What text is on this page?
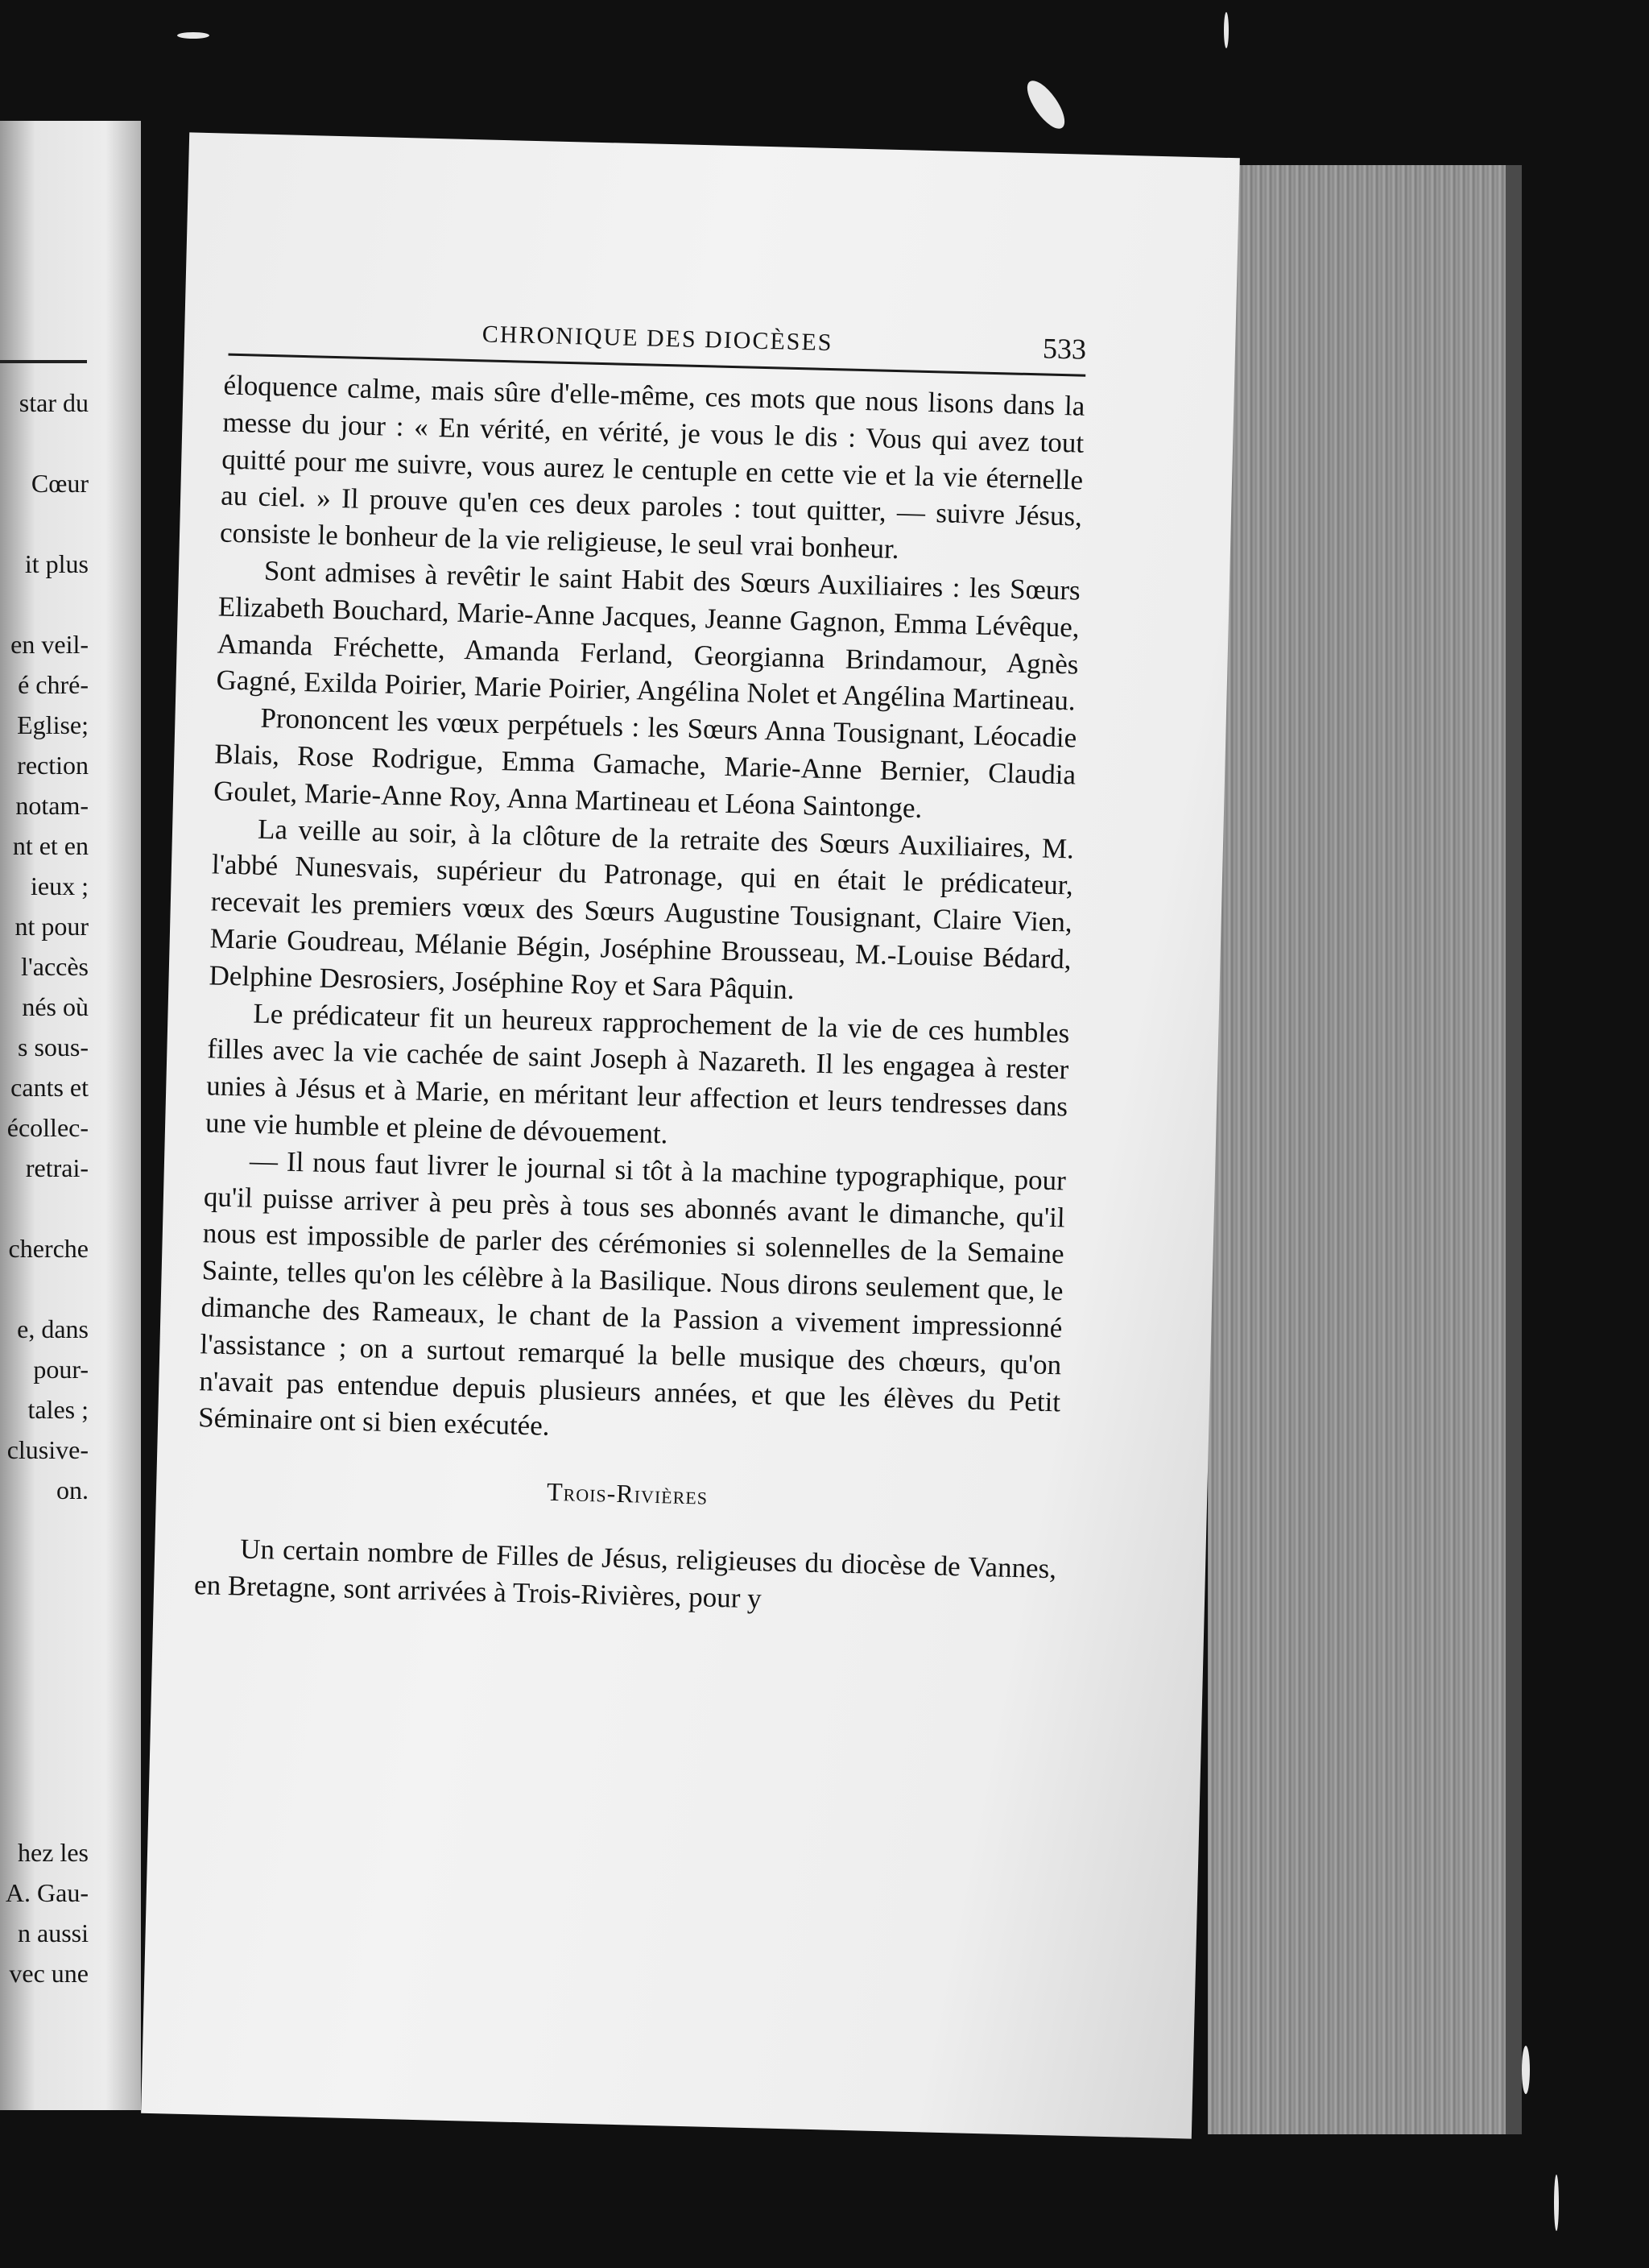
star du
Cœur
it plus
en veil-
é chré-
Eglise;
rection
notam-
nt et en
ieux ;
nt pour
l'accès
nés où
s sous-
cants et
écollec-
retrai-
cherche
e, dans
pour-
tales ;
clusive-
on.
hez les
A. Gau-
n aussi
vec une
CHRONIQUE DES DIOCÈSES	533

éloquence calme, mais sûre d'elle-même, ces mots que nous lisons dans la messe du jour : « En vérité, en vérité, je vous le dis : Vous qui avez tout quitté pour me suivre, vous aurez le centuple en cette vie et la vie éternelle au ciel. » Il prouve qu'en ces deux paroles : tout quitter, — suivre Jésus, consiste le bonheur de la vie religieuse, le seul vrai bonheur.

Sont admises à revêtir le saint Habit des Sœurs Auxiliaires : les Sœurs Elizabeth Bouchard, Marie-Anne Jacques, Jeanne Gagnon, Emma Lévêque, Amanda Fréchette, Amanda Ferland, Georgianna Brindamour, Agnès Gagné, Exilda Poirier, Marie Poirier, Angélina Nolet et Angélina Martineau.

Prononcent les vœux perpétuels : les Sœurs Anna Tousignant, Léocadie Blais, Rose Rodrigue, Emma Gamache, Marie-Anne Bernier, Claudia Goulet, Marie-Anne Roy, Anna Martineau et Léona Saintonge.

La veille au soir, à la clôture de la retraite des Sœurs Auxiliaires, M. l'abbé Nunesvais, supérieur du Patronage, qui en était le prédicateur, recevait les premiers vœux des Sœurs Augustine Tousignant, Claire Vien, Marie Goudreau, Mélanie Bégin, Joséphine Brousseau, M.-Louise Bédard, Delphine Desrosiers, Joséphine Roy et Sara Pâquin.

Le prédicateur fit un heureux rapprochement de la vie de ces humbles filles avec la vie cachée de saint Joseph à Nazareth. Il les engagea à rester unies à Jésus et à Marie, en méritant leur affection et leurs tendresses dans une vie humble et pleine de dévouement.

— Il nous faut livrer le journal si tôt à la machine typographique, pour qu'il puisse arriver à peu près à tous ses abonnés avant le dimanche, qu'il nous est impossible de parler des cérémonies si solennelles de la Semaine Sainte, telles qu'on les célèbre à la Basilique. Nous dirons seulement que, le dimanche des Rameaux, le chant de la Passion a vivement impressionné l'assistance ; on a surtout remarqué la belle musique des chœurs, qu'on n'avait pas entendue depuis plusieurs années, et que les élèves du Petit Séminaire ont si bien exécutée.

Trois-Rivières

Un certain nombre de Filles de Jésus, religieuses du diocèse de Vannes, en Bretagne, sont arrivées à Trois-Rivières, pour y
